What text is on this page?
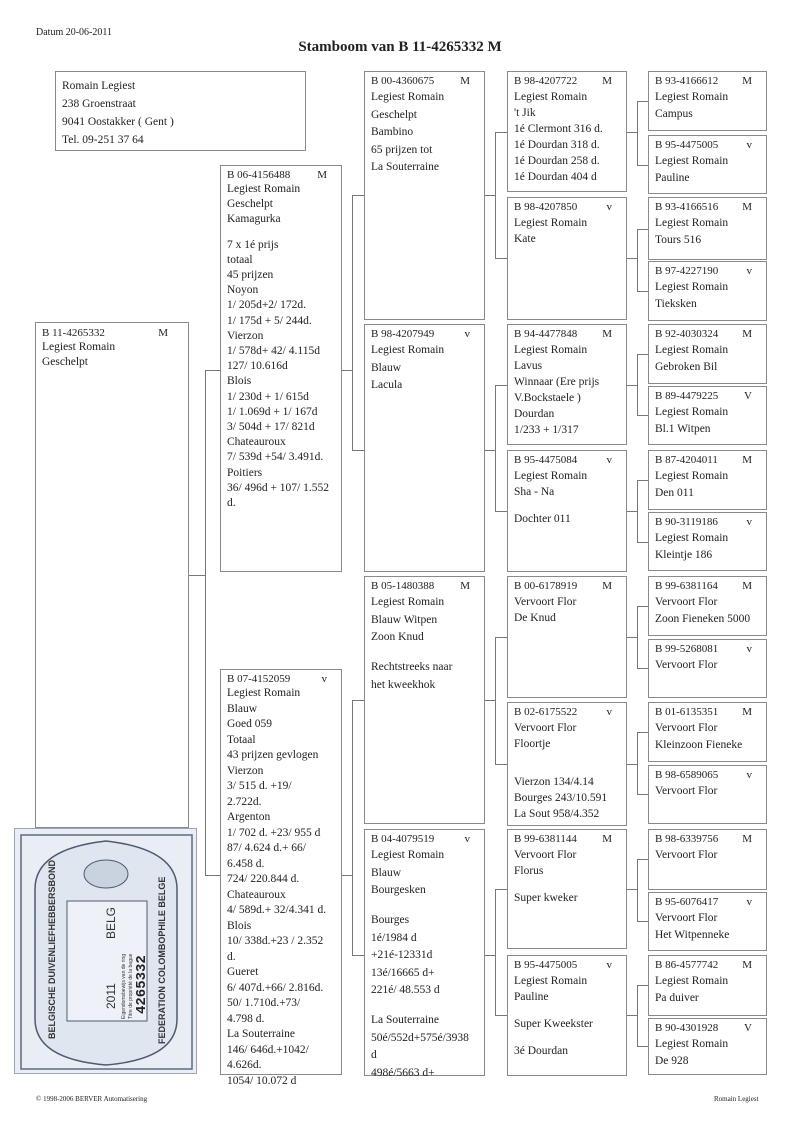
Datum 20-06-2011
Stamboom van B 11-4265332 M
Romain Legiest
238 Groenstraat
9041 Oostakker ( Gent )
Tel. 09-251 37 64
B 11-4265332	M
Legiest Romain
Geschelpt
B 06-4156488 M
Legiest Romain
Geschelpt
Kamagurka
7 x 1é prijs
totaal
45 prijzen
Noyon
1/ 205d+2/ 172d.
1/ 175d + 5/ 244d.
Vierzon
1/ 578d+ 42/ 4.115d
127/ 10.616d
Blois
1/ 230d + 1/ 615d
1/ 1.069d + 1/ 167d
3/ 504d + 17/ 821d
Chateauroux
7/ 539d +54/ 3.491d.
Poitiers
36/ 496d + 107/ 1.552
d.
B 07-4152059	v
Legiest Romain
Blauw
Goed 059
Totaal
43 prijzen gevlogen
Vierzon
3/ 515 d. +19/
2.722d.
Argenton
1/ 702 d. +23/ 955 d
87/ 4.624 d.+ 66/
6.458 d.
724/ 220.844 d.
Chateauroux
4/ 589d.+ 32/4.341 d.
Blois
10/ 338d.+23 / 2.352
d.
Gueret
6/ 407d.+66/ 2.816d.
50/ 1.710d.+73/
4.798 d.
La Souterraine
146/ 646d.+1042/
4.626d.
1054/ 10.072 d
B 00-4360675 M
Legiest Romain
Geschelpt
Bambino
65 prijzen tot
La Souterraine
B 98-4207949	v
Legiest Romain
Blauw
Lacula
B 05-1480388 M
Legiest Romain
Blauw Witpen
Zoon Knud
Rechtstreeks naar
het kweekhok
B 04-4079519	v
Legiest Romain
Blauw
Bourgesken
Bourges
1é/1984 d
+21é-12331d
13é/16665 d+
221é/ 48.553 d
La Souterraine
50é/552d+575é/3938
d
498é/5663 d+
B 98-4207722 M
Legiest Romain
't Jik
1é Clermont 316 d.
1é Dourdan 318 d.
1é Dourdan 258 d.
1é Dourdan 404 d
B 98-4207850	v
Legiest Romain
Kate
B 94-4477848 M
Legiest Romain
Lavus
Winnaar (Ere prijs
V.Bockstaele )
Dourdan
1/233 + 1/317
B 95-4475084	v
Legiest Romain
Sha - Na
Dochter 011
B 00-6178919 M
Vervoort Flor
De Knud
B 02-6175522	v
Vervoort Flor
Floortje
Vierzon 134/4.14
Bourges 243/10.591
La Sout 958/4.352
B 99-6381144 M
Vervoort Flor
Florus
Super kweker
B 95-4475005	v
Legiest Romain
Pauline
Super Kweekster
3é Dourdan
B 93-4166612 M
Legiest Romain
Campus
B 95-4475005	v
Legiest Romain
Pauline
B 93-4166516 M
Legiest Romain
Tours 516
B 97-4227190	v
Legiest Romain
Tieksken
B 92-4030324 M
Legiest Romain
Gebroken Bil
B 89-4479225 V
Legiest Romain
Bl.1 Witpen
B 87-4204011 M
Legiest Romain
Den 011
B 90-3119186	v
Legiest Romain
Kleintje 186
B 99-6381164 M
Vervoort Flor
Zoon Fieneken 5000
B 99-5268081	v
Vervoort Flor
B 01-6135351 M
Vervoort Flor
Kleinzoon Fieneke
B 98-6589065	v
Vervoort Flor
B 98-6339756 M
Vervoort Flor
B 95-6076417	v
Vervoort Flor
Het Witpenneke
B 86-4577742 M
Legiest Romain
Pa duiver
B 90-4301928 V
Legiest Romain
De 928
BELGISCHE DUIVENLIEFHEBBERSBOND	FEDERATION COLOMBOPHILE BELGE
BELG
2011 Eigendomsbewijs van de ring Titre de propriété de la bague 4265332
© 1998-2006 BERVER Automatisering	Romain Legiest
